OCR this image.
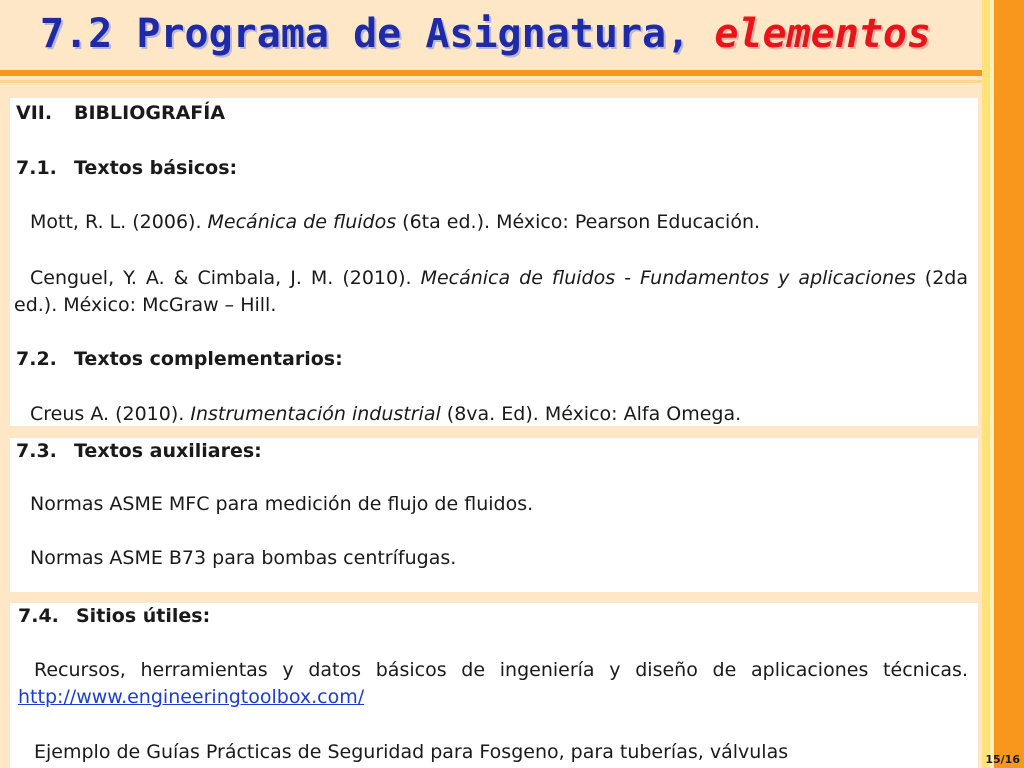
7.2 Programa de Asignatura, elementos
VII. BIBLIOGRAFÍA
7.1. Textos básicos:
Mott, R. L. (2006). Mecánica de fluidos (6ta ed.). México: Pearson Educación.
Cenguel, Y. A. & Cimbala, J. M. (2010). Mecánica de fluidos - Fundamentos y aplicaciones (2da ed.). México: McGraw – Hill.
7.2. Textos complementarios:
Creus A. (2010). Instrumentación industrial (8va. Ed). México: Alfa Omega.
7.3. Textos auxiliares:
Normas ASME MFC para medición de flujo de fluidos.
Normas ASME B73 para bombas centrífugas.
7.4. Sitios útiles:
Recursos, herramientas y datos básicos de ingeniería y diseño de aplicaciones técnicas. http://www.engineeringtoolbox.com/
Ejemplo de Guías Prácticas de Seguridad para Fosgeno, para tuberías, válvulas	15/16
